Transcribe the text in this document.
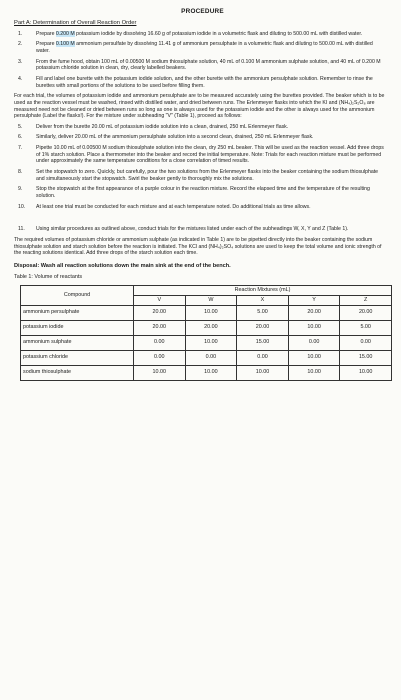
PROCEDURE
Part A: Determination of Overall Reaction Order
1.	Prepare 0.200 M potassium iodide by dissolving 16.60 g of potassium iodide in a volumetric flask and diluting to 500.00 mL with distilled water.
2.	Prepare 0.100 M ammonium persulfate by dissolving 11.41 g of ammonium persulphate in a volumetric flask and diluting to 500.00 mL with distilled water.
3.	From the fume hood, obtain 100 mL of 0.00500 M sodium thiosulphate solution, 40 mL of 0.100 M ammonium sulphate solution, and 40 mL of 0.200 M potassium chloride solution in clean, dry, clearly labelled beakers.
4.	Fill and label one burette with the potassium iodide solution, and the other burette with the ammonium persulphate solution. Remember to rinse the burettes with small portions of the solutions to be used before filling them.
For each trial, the volumes of potassium iodide and ammonium persulphate are to be measured accurately using the burettes provided. The beaker which is to be used as the reaction vessel must be washed, rinsed with distilled water, and dried between runs. The Erlenmeyer flasks into which the KI and (NH₄)₂S₂O₈ are measured need not be cleaned or dried between runs so long as one is always used for the potassium iodide and the other is always used for the ammonium persulphate (Label the flasks!). For the mixture under subheading "V" (Table 1), proceed as follows:
5.	Deliver from the burette 20.00 mL of potassium iodide solution into a clean, drained, 250 mL Erlenmeyer flask.
6.	Similarly, deliver 20.00 mL of the ammonium persulphate solution into a second clean, drained, 250 mL Erlenmeyer flask.
7.	Pipette 10.00 mL of 0.00500 M sodium thiosulphate solution into the clean, dry 250 mL beaker. This will be used as the reaction vessel. Add three drops of 1% starch solution. Place a thermometer into the beaker and record the initial temperature. Note: Trials for each reaction mixture must be performed under approximately the same temperature conditions for a close correlation of timed results.
8.	Set the stopwatch to zero. Quickly, but carefully, pour the two solutions from the Erlenmeyer flasks into the beaker containing the sodium thiosulphate and simultaneously start the stopwatch. Swirl the beaker gently to thoroughly mix the solutions.
9.	Stop the stopwatch at the first appearance of a purple colour in the reaction mixture. Record the elapsed time and the temperature of the resulting solution.
10.	At least one trial must be conducted for each mixture and at each temperature noted. Do additional trials as time allows.
11.	Using similar procedures as outlined above, conduct trials for the mixtures listed under each of the subheadings W, X, Y and Z (Table 1).
The required volumes of potassium chloride or ammonium sulphate (as indicated in Table 1) are to be pipetted directly into the beaker containing the sodium thiosulphate solution and starch solution before the reaction is initiated. The KCl and (NH₄)₂SO₄ solutions are used to keep the total volume and ionic strength of the reacting solutions identical. Add three drops of the starch solution each time.
Disposal: Wash all reaction solutions down the main sink at the end of the bench.
Table 1: Volume of reactants
Compound	Reaction Mixtures (mL)				
	V	W	X	Y	Z
ammonium persulphate	20.00	10.00	5.00	20.00	20.00
potassium iodide	20.00	20.00	20.00	10.00	5.00
ammonium sulphate	0.00	10.00	15.00	0.00	0.00
potassium chloride	0.00	0.00	0.00	10.00	15.00
sodium thiosulphate	10.00	10.00	10.00	10.00	10.00
